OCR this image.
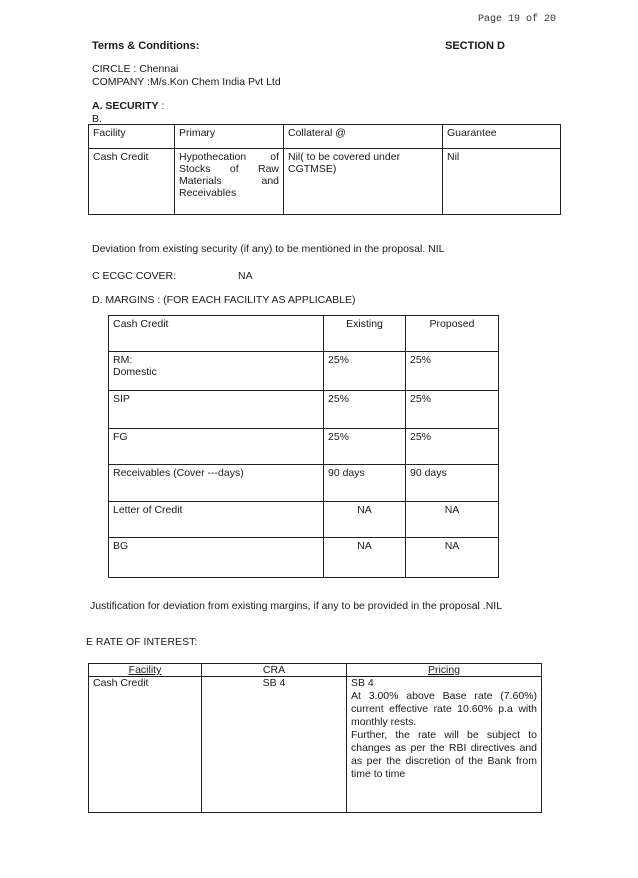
Page 19 of 20
Terms & Conditions:	SECTION D
CIRCLE : Chennai
COMPANY :M/s.Kon Chem India Pvt Ltd
A. SECURITY :
B.
Facility	Primary	Collateral @	Guarantee
Cash Credit	Hypothecation of Stocks of Raw Materials and Receivables	Nil( to be covered under CGTMSE)	Nil
Deviation from existing security (if any) to be mentioned in the proposal. NIL
C ECGC COVER:	NA
D. MARGINS : (FOR EACH FACILITY AS APPLICABLE)
Cash Credit	Existing	Proposed

RM:
Domestic	25%	25%
SIP	25%	25%
FG	25%	25%
Receivables (Cover ---days)	90 days	90 days
Letter of Credit	NA	NA
BG	NA	NA
Justification for deviation from existing margins, if any to be provided in the proposal .NIL
E RATE OF INTEREST:
Facility	CRA	Pricing
Cash Credit	SB 4	SB 4
At 3.00% above Base rate (7.60%) current effective rate 10.60% p.a with monthly rests.
Further, the rate will be subject to changes as per the RBI directives and as per the discretion of the Bank from time to time
